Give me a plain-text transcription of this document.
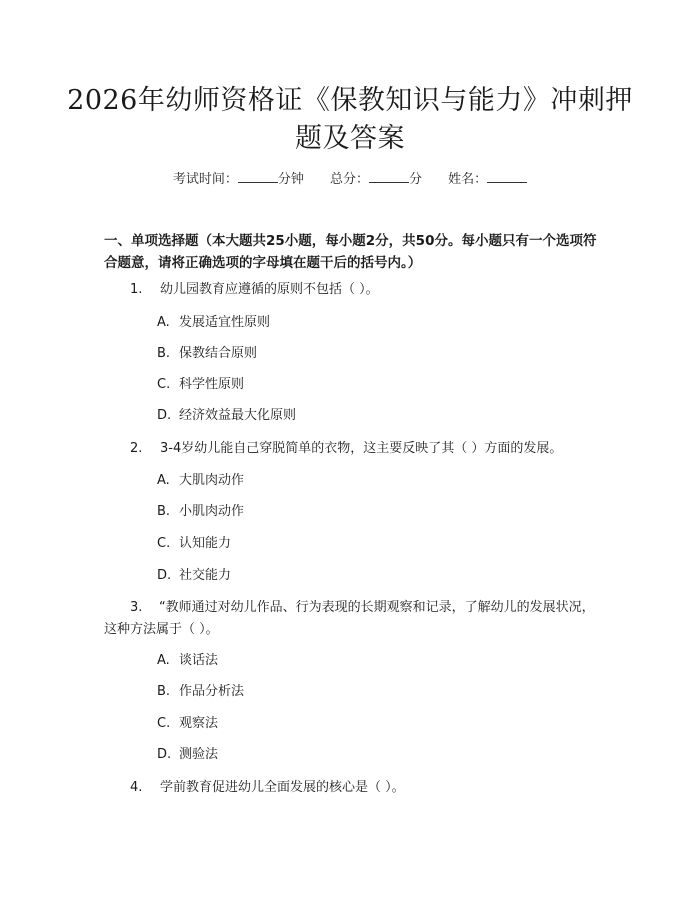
2026年幼师资格证《保教知识与能力》冲刺押题及答案
考试时间：	分钟 总分：	分 姓名：
一、单项选择题（本大题共25小题，每小题2分，共50分。每小题只有一个选项符合题意，请将正确选项的字母填在题干后的括号内。）
1. 幼儿园教育应遵循的原则不包括（ ）。
A. 发展适宜性原则
B. 保教结合原则
C. 科学性原则
D. 经济效益最大化原则
2. 3-4岁幼儿能自己穿脱简单的衣物，这主要反映了其（ ）方面的发展。
A. 大肌肉动作
B. 小肌肉动作
C. 认知能力
D. 社交能力
3. “教师通过对幼儿作品、行为表现的长期观察和记录，了解幼儿的发展状况，这种方法属于（ ）。
A. 谈话法
B. 作品分析法
C. 观察法
D. 测验法
4. 学前教育促进幼儿全面发展的核心是（ ）。
